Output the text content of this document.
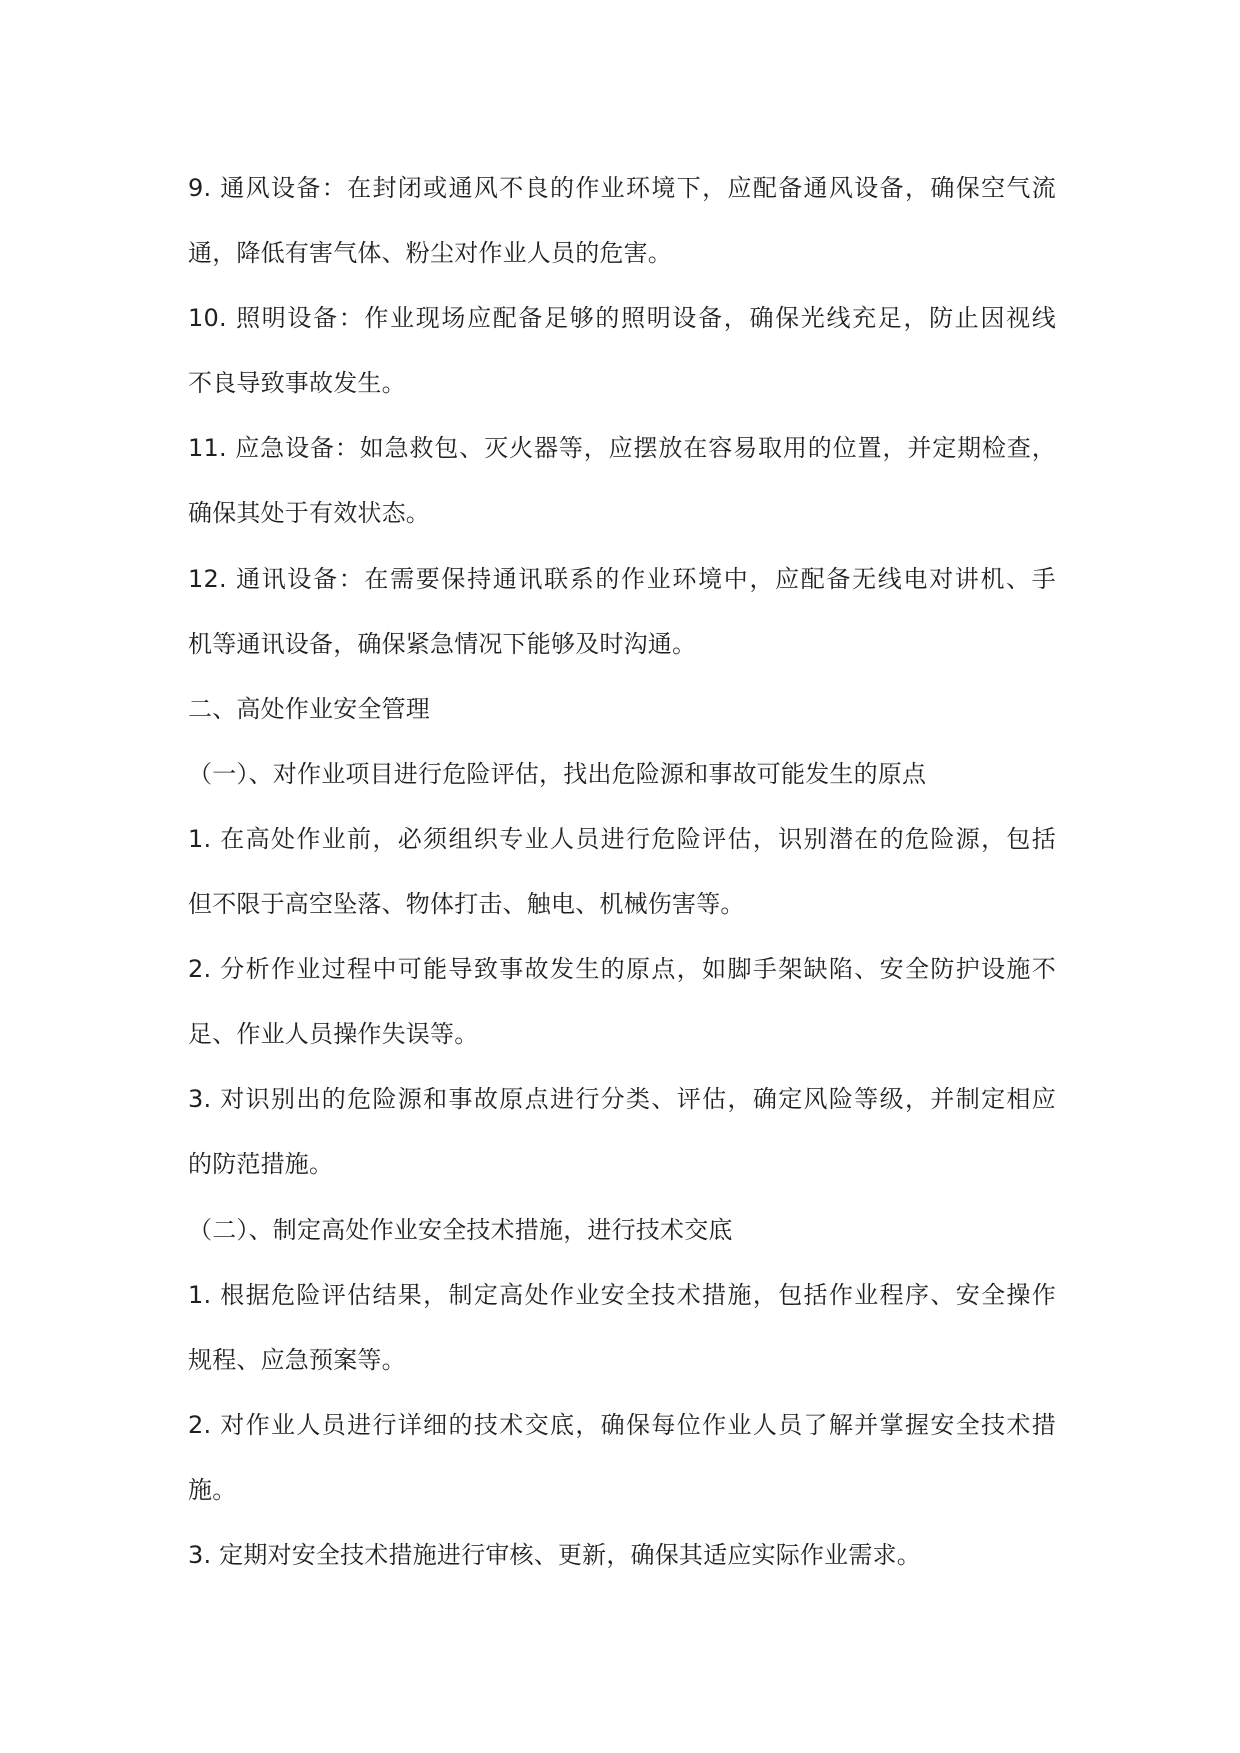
9. 通风设备：在封闭或通风不良的作业环境下，应配备通风设备，确保空气流
通，降低有害气体、粉尘对作业人员的危害。
10. 照明设备：作业现场应配备足够的照明设备，确保光线充足，防止因视线
不良导致事故发生。
11. 应急设备：如急救包、灭火器等，应摆放在容易取用的位置，并定期检查，
确保其处于有效状态。
12. 通讯设备：在需要保持通讯联系的作业环境中，应配备无线电对讲机、手
机等通讯设备，确保紧急情况下能够及时沟通。
二、高处作业安全管理
（一）、对作业项目进行危险评估，找出危险源和事故可能发生的原点
1. 在高处作业前，必须组织专业人员进行危险评估，识别潜在的危险源，包括
但不限于高空坠落、物体打击、触电、机械伤害等。
2. 分析作业过程中可能导致事故发生的原点，如脚手架缺陷、安全防护设施不
足、作业人员操作失误等。
3. 对识别出的危险源和事故原点进行分类、评估，确定风险等级，并制定相应
的防范措施。
（二）、制定高处作业安全技术措施，进行技术交底
1. 根据危险评估结果，制定高处作业安全技术措施，包括作业程序、安全操作
规程、应急预案等。
2. 对作业人员进行详细的技术交底，确保每位作业人员了解并掌握安全技术措
施。
3. 定期对安全技术措施进行审核、更新，确保其适应实际作业需求。
